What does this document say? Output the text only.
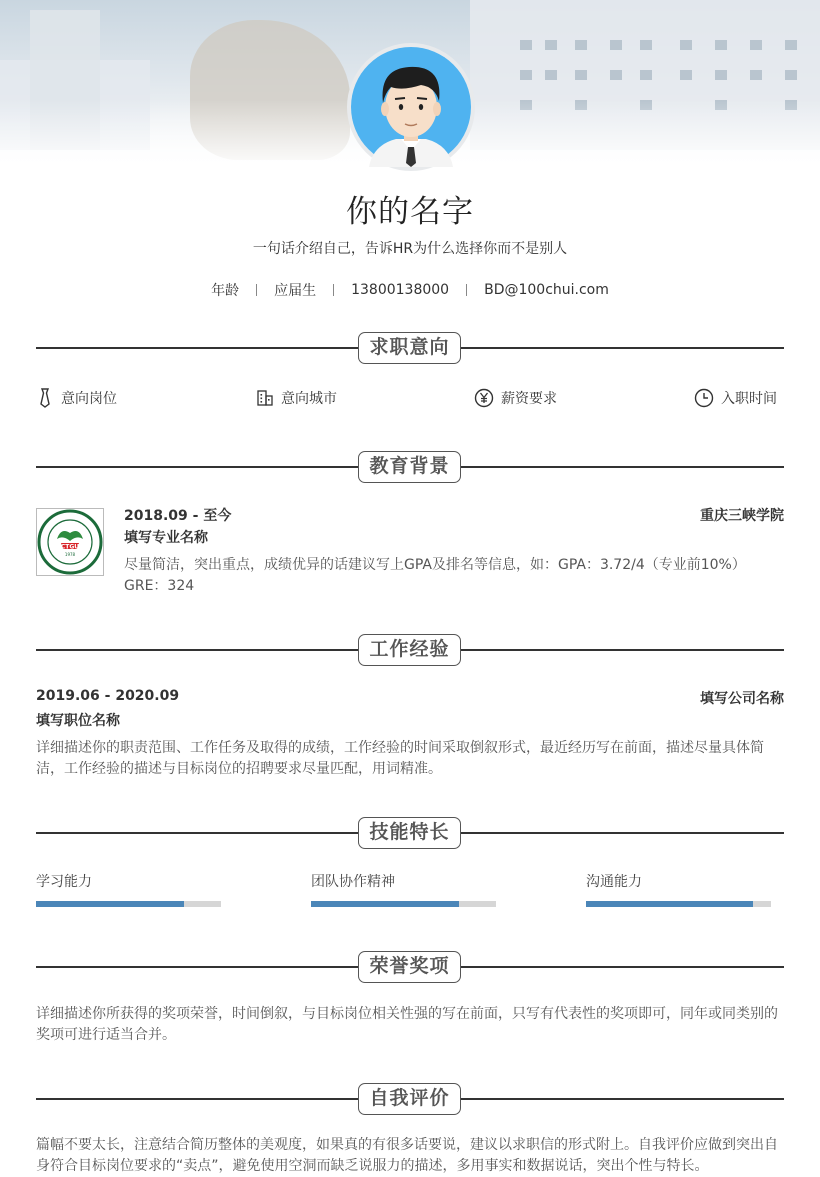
你的名字
一句话介绍自己，告诉HR为什么选择你而不是别人
年龄	应届生	13800138000	BD@100chui.com
求职意向
意向岗位	意向城市	薪资要求	入职时间
教育背景
CTGU
1978
2018.09 - 至今	重庆三峡学院
填写专业名称
尽量简洁，突出重点，成绩优异的话建议写上GPA及排名等信息，如：GPA：3.72/4（专业前10%） GRE：324
工作经验
2019.06 - 2020.09	填写公司名称
填写职位名称
详细描述你的职责范围、工作任务及取得的成绩，工作经验的时间采取倒叙形式，最近经历写在前面，描述尽量具体简洁，工作经验的描述与目标岗位的招聘要求尽量匹配，用词精准。
技能特长
学习能力	团队协作精神	沟通能力
荣誉奖项
详细描述你所获得的奖项荣誉，时间倒叙，与目标岗位相关性强的写在前面，只写有代表性的奖项即可，同年或同类别的奖项可进行适当合并。
自我评价
篇幅不要太长，注意结合简历整体的美观度，如果真的有很多话要说，建议以求职信的形式附上。自我评价应做到突出自身符合目标岗位要求的“卖点”，避免使用空洞而缺乏说服力的描述，多用事实和数据说话，突出个性与特长。
